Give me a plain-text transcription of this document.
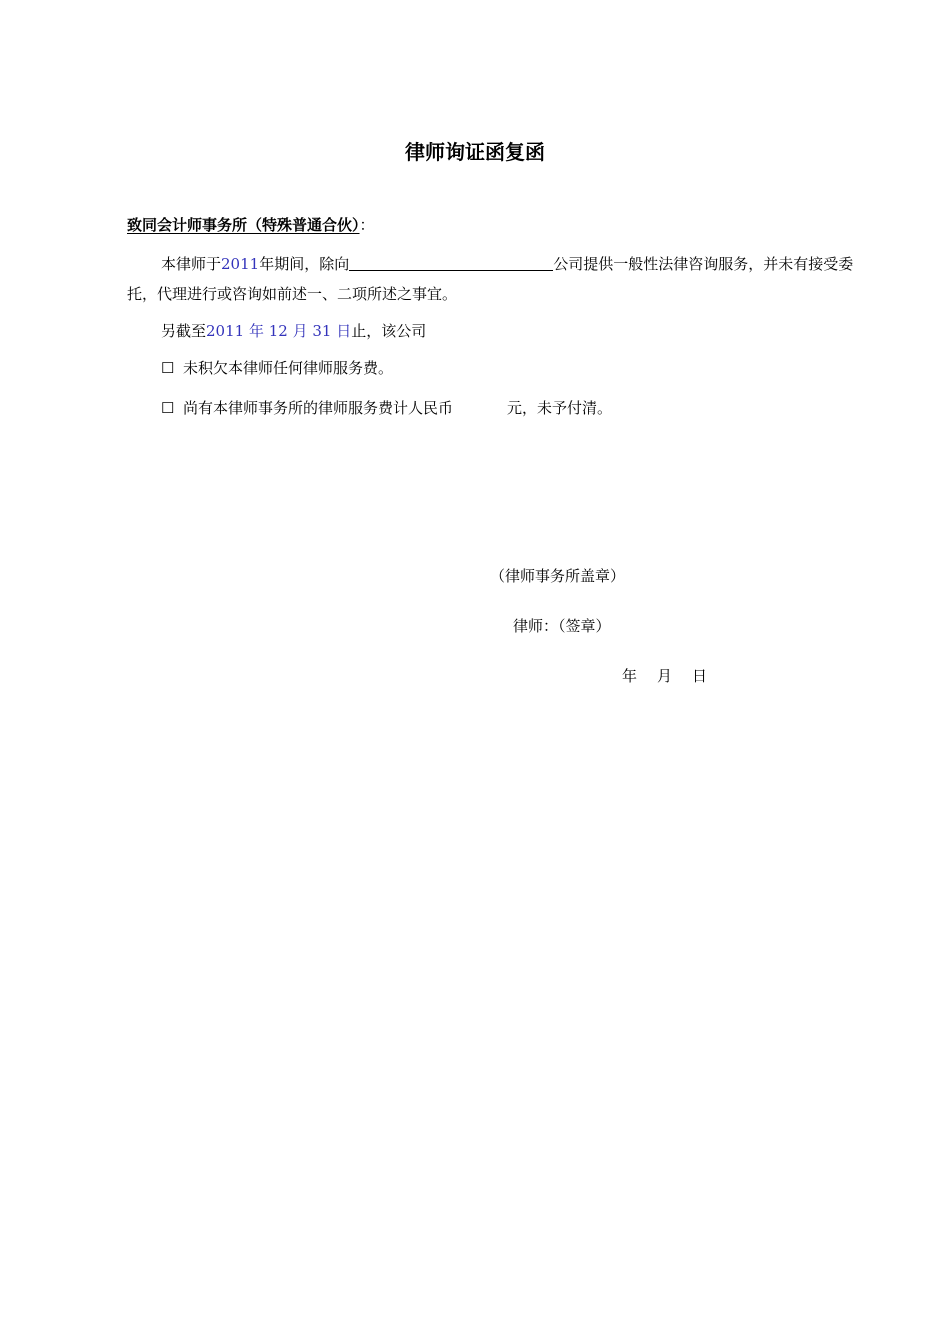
律师询证函复函
致同会计师事务所（特殊普通合伙）：
本律师于2011年期间，除向	公司提供一般性法律咨询服务，并未有接受委托，代理进行或咨询如前述一、二项所述之事宜。
另截至2011 年 12 月 31 日止，该公司
☐ 未积欠本律师任何律师服务费。
☐ 尚有本律师事务所的律师服务费计人民币	元，未予付清。
（律师事务所盖章）
律师：（签章）
年 月 日
